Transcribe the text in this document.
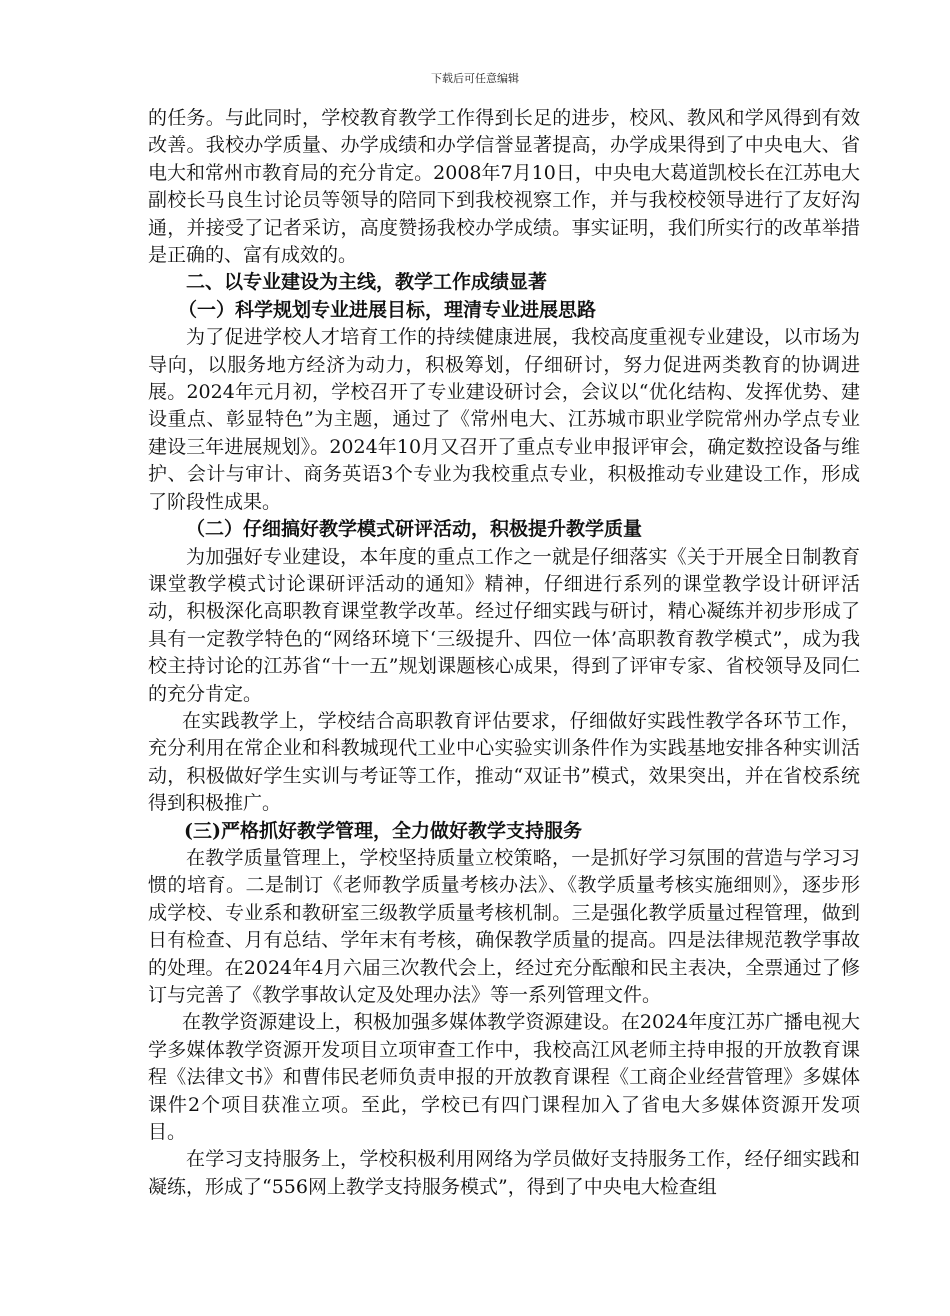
下载后可任意编辑

的任务。与此同时，学校教育教学工作得到长足的进步，校风、教风和学风得到有效改善。我校办学质量、办学成绩和办学信誉显著提高，办学成果得到了中央电大、省电大和常州市教育局的充分肯定。2008年7月10日，中央电大葛道凯校长在江苏电大副校长马良生讨论员等领导的陪同下到我校视察工作，并与我校校领导进行了友好沟通，并接受了记者采访，高度赞扬我校办学成绩。事实证明，我们所实行的改革举措是正确的、富有成效的。

二、以专业建设为主线，教学工作成绩显著

（一）科学规划专业进展目标，理清专业进展思路

为了促进学校人才培育工作的持续健康进展，我校高度重视专业建设，以市场为导向，以服务地方经济为动力，积极筹划，仔细研讨，努力促进两类教育的协调进展。2024年元月初，学校召开了专业建设研讨会，会议以“优化结构、发挥优势、建设重点、彰显特色”为主题，通过了《常州电大、江苏城市职业学院常州办学点专业建设三年进展规划》。2024年10月又召开了重点专业申报评审会，确定数控设备与维护、会计与审计、商务英语3个专业为我校重点专业，积极推动专业建设工作，形成了阶段性成果。

（二）仔细搞好教学模式研评活动，积极提升教学质量

为加强好专业建设，本年度的重点工作之一就是仔细落实《关于开展全日制教育课堂教学模式讨论课研评活动的通知》精神，仔细进行系列的课堂教学设计研评活动，积极深化高职教育课堂教学改革。经过仔细实践与研讨，精心凝练并初步形成了具有一定教学特色的“网络环境下‘三级提升、四位一体’高职教育教学模式”，成为我校主持讨论的江苏省“十一五”规划课题核心成果，得到了评审专家、省校领导及同仁的充分肯定。

在实践教学上，学校结合高职教育评估要求，仔细做好实践性教学各环节工作，充分利用在常企业和科教城现代工业中心实验实训条件作为实践基地安排各种实训活动，积极做好学生实训与考证等工作，推动“双证书”模式，效果突出，并在省校系统得到积极推广。

(三)严格抓好教学管理，全力做好教学支持服务

在教学质量管理上，学校坚持质量立校策略，一是抓好学习氛围的营造与学习习惯的培育。二是制订《老师教学质量考核办法》、《教学质量考核实施细则》，逐步形成学校、专业系和教研室三级教学质量考核机制。三是强化教学质量过程管理，做到日有检查、月有总结、学年末有考核，确保教学质量的提高。四是法律规范教学事故的处理。在2024年4月六届三次教代会上，经过充分酝酿和民主表决，全票通过了修订与完善了《教学事故认定及处理办法》等一系列管理文件。

在教学资源建设上，积极加强多媒体教学资源建设。在2024年度江苏广播电视大学多媒体教学资源开发项目立项审查工作中，我校高江风老师主持申报的开放教育课程《法律文书》和曹伟民老师负责申报的开放教育课程《工商企业经营管理》多媒体课件2个项目获准立项。至此，学校已有四门课程加入了省电大多媒体资源开发项目。

在学习支持服务上，学校积极利用网络为学员做好支持服务工作，经仔细实践和凝练，形成了“556网上教学支持服务模式”，得到了中央电大检查组
